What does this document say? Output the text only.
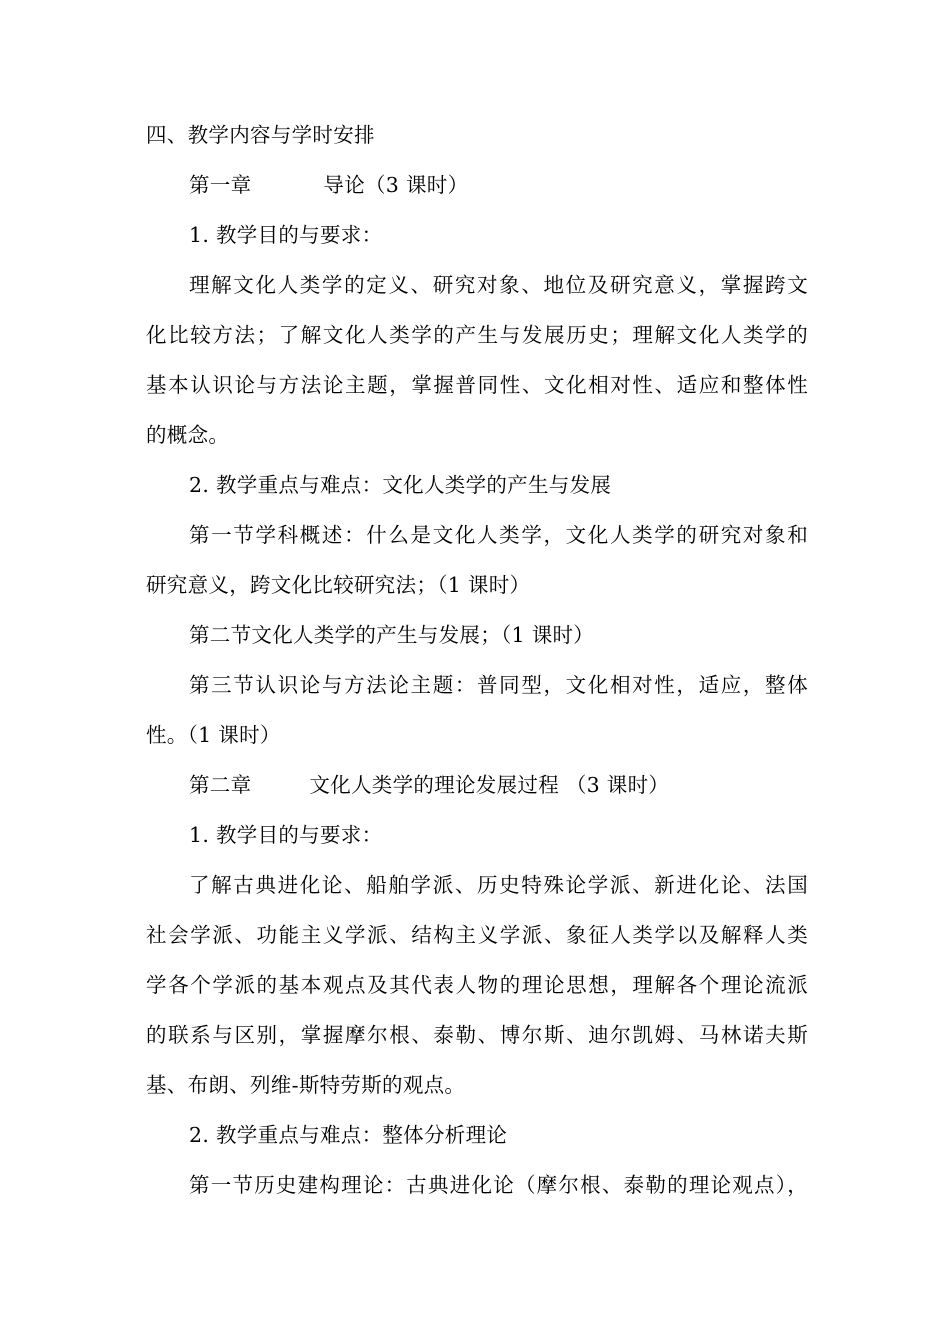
四、教学内容与学时安排
第一章	导论（3 课时）
1. 教学目的与要求：
理解文化人类学的定义、研究对象、地位及研究意义，掌握跨文
化比较方法；了解文化人类学的产生与发展历史；理解文化人类学的
基本认识论与方法论主题，掌握普同性、文化相对性、适应和整体性
的概念。
2. 教学重点与难点：文化人类学的产生与发展
第一节学科概述：什么是文化人类学，文化人类学的研究对象和
研究意义，跨文化比较研究法；（1 课时）
第二节文化人类学的产生与发展；（1 课时）
第三节认识论与方法论主题：普同型，文化相对性，适应，整体
性。（1 课时）
第二章	文化人类学的理论发展过程 （3 课时）
1. 教学目的与要求：
了解古典进化论、船舶学派、历史特殊论学派、新进化论、法国
社会学派、功能主义学派、结构主义学派、象征人类学以及解释人类
学各个学派的基本观点及其代表人物的理论思想，理解各个理论流派
的联系与区别，掌握摩尔根、泰勒、博尔斯、迪尔凯姆、马林诺夫斯
基、布朗、列维-斯特劳斯的观点。
2. 教学重点与难点：整体分析理论
第一节历史建构理论：古典进化论（摩尔根、泰勒的理论观点），
